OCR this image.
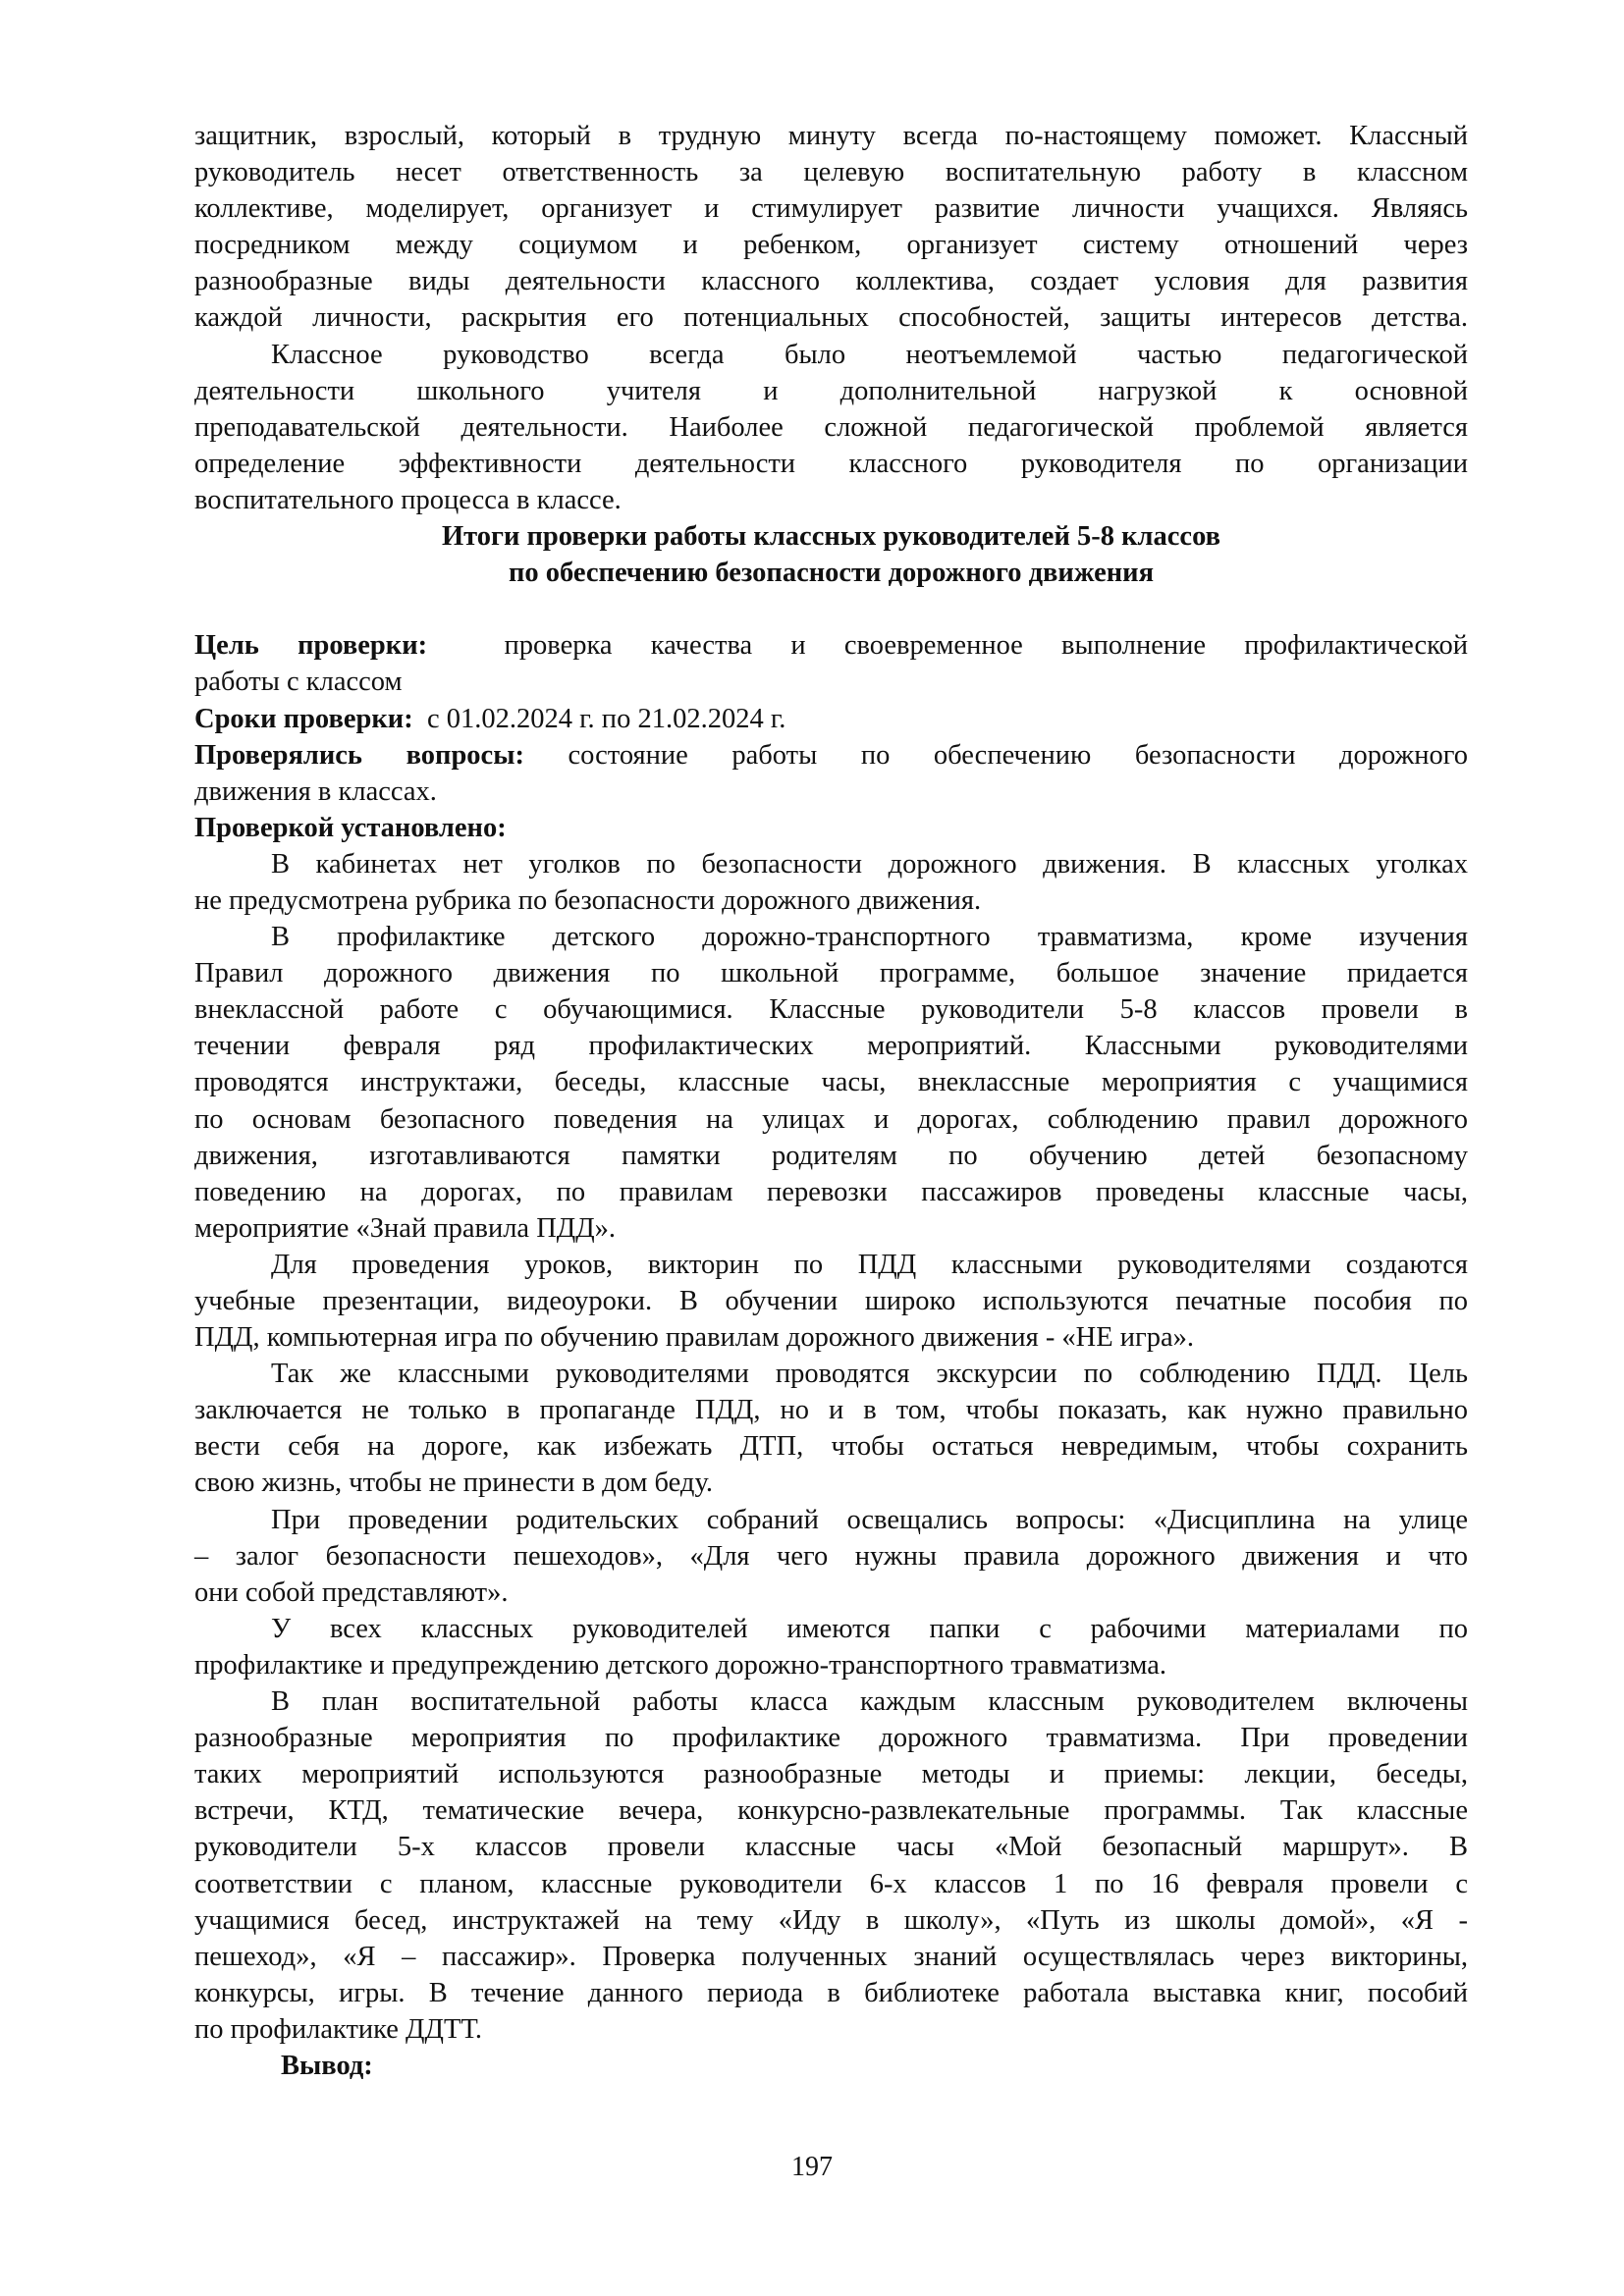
защитник, взрослый, который в трудную минуту всегда по-настоящему поможет. Классный
руководитель несет ответственность за целевую воспитательную работу в классном
коллективе, моделирует, организует и стимулирует развитие личности учащихся. Являясь
посредником между социумом и ребенком, организует систему отношений через
разнообразные виды деятельности классного коллектива, создает условия для развития
каждой личности, раскрытия его потенциальных способностей, защиты интересов детства.
Классное руководство всегда было неотъемлемой частью педагогической
деятельности школьного учителя и дополнительной нагрузкой к основной
преподавательской деятельности. Наиболее сложной педагогической проблемой является
определение эффективности деятельности классного руководителя по организации
воспитательного процесса в классе.
Итоги проверки работы классных руководителей 5-8 классов
по обеспечению безопасности дорожного движения
Цель проверки:	проверка качества и своевременное выполнение профилактической
работы с классом
Сроки проверки: с 01.02.2024 г. по 21.02.2024 г.
Проверялись вопросы: состояние работы по обеспечению безопасности дорожного
движения в классах.
Проверкой установлено:
В кабинетах нет уголков по безопасности дорожного движения. В классных уголках
не предусмотрена рубрика по безопасности дорожного движения.
В профилактике детского дорожно-транспортного травматизма, кроме изучения
Правил дорожного движения по школьной программе, большое значение придается
внеклассной работе с обучающимися. Классные руководители 5-8 классов провели в
течении февраля ряд профилактических мероприятий. Классными руководителями
проводятся инструктажи, беседы, классные часы, внеклассные мероприятия с учащимися
по основам безопасного поведения на улицах и дорогах, соблюдению правил дорожного
движения, изготавливаются памятки родителям по обучению детей безопасному
поведению на дорогах, по правилам перевозки пассажиров проведены классные часы,
мероприятие «Знай правила ПДД».
Для проведения уроков, викторин по ПДД классными руководителями создаются
учебные презентации, видеоуроки. В обучении широко используются печатные пособия по
ПДД, компьютерная игра по обучению правилам дорожного движения - «НЕ игра».
Так же классными руководителями проводятся экскурсии по соблюдению ПДД. Цель
заключается не только в пропаганде ПДД, но и в том, чтобы показать, как нужно правильно
вести себя на дороге, как избежать ДТП, чтобы остаться невредимым, чтобы сохранить
свою жизнь, чтобы не принести в дом беду.
При проведении родительских собраний освещались вопросы: «Дисциплина на улице
– залог безопасности пешеходов», «Для чего нужны правила дорожного движения и что
они собой представляют».
У всех классных руководителей имеются папки с рабочими материалами по
профилактике и предупреждению детского дорожно-транспортного травматизма.
В план воспитательной работы класса каждым классным руководителем включены
разнообразные мероприятия по профилактике дорожного травматизма. При проведении
таких мероприятий используются разнообразные методы и приемы: лекции, беседы,
встречи, КТД, тематические вечера, конкурсно-развлекательные программы. Так классные
руководители 5-х классов провели классные часы «Мой безопасный маршрут». В
соответствии с планом, классные руководители 6-х классов 1 по 16 февраля провели с
учащимися бесед, инструктажей на тему «Иду в школу», «Путь из школы домой», «Я -
пешеход», «Я – пассажир». Проверка полученных знаний осуществлялась через викторины,
конкурсы, игры. В течение данного периода в библиотеке работала выставка книг, пособий
по профилактике ДДТТ.
Вывод:
197
